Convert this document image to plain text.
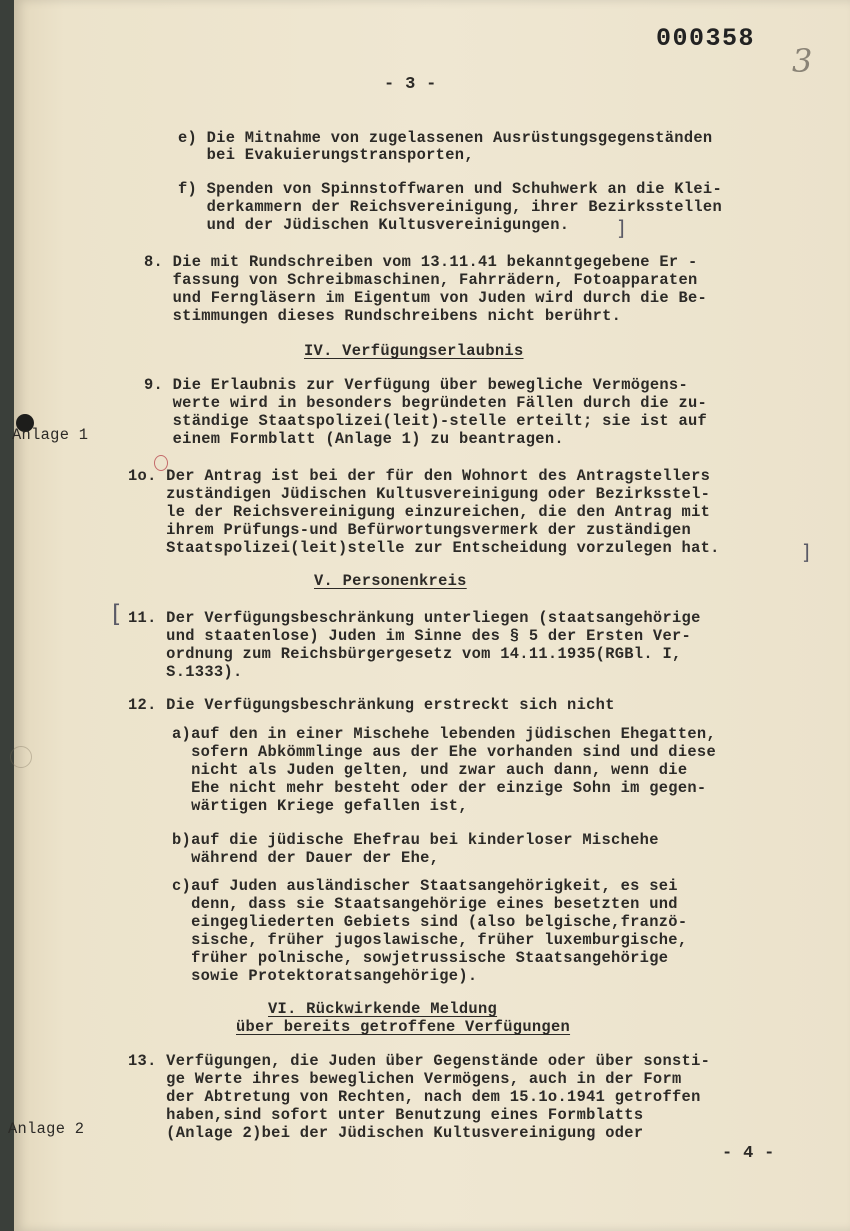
000358

3

- 3 -

e) Die Mitnahme von zugelassenen Ausrüstungsgegenständen

bei Evakuierungstransporten,

f) Spenden von Spinnstoffwaren und Schuhwerk an die Klei-

derkammern der Reichsvereinigung, ihrer Bezirksstellen

und der Jüdischen Kultusvereinigungen. ]

8. Die mit Rundschreiben vom 13.11.41 bekanntgegebene Er -

fassung von Schreibmaschinen, Fahrrädern, Fotoapparaten

und Ferngläsern im Eigentum von Juden wird durch die Be-

stimmungen dieses Rundschreibens nicht berührt.

IV. Verfügungserlaubnis

9. Die Erlaubnis zur Verfügung über bewegliche Vermögens-

werte wird in besonders begründeten Fällen durch die zu-

ständige Staatspolizei(leit)-stelle erteilt; sie ist auf

einem Formblatt (Anlage 1) zu beantragen.

Anlage 1

1o. Der Antrag ist bei der für den Wohnort des Antragstellers

zuständigen Jüdischen Kultusvereinigung oder Bezirksstel-

le der Reichsvereinigung einzureichen, die den Antrag mit

ihrem Prüfungs-und Befürwortungsvermerk der zuständigen

Staatspolizei(leit)stelle zur Entscheidung vorzulegen hat.	]

V. Personenkreis

[ 11. Der Verfügungsbeschränkung unterliegen (staatsangehörige

und staatenlose) Juden im Sinne des § 5 der Ersten Ver-

ordnung zum Reichsbürgergesetz vom 14.11.1935(RGBl. I,

S.1333).

12. Die Verfügungsbeschränkung erstreckt sich nicht

a)auf den in einer Mischehe lebenden jüdischen Ehegatten,

sofern Abkömmlinge aus der Ehe vorhanden sind und diese

nicht als Juden gelten, und zwar auch dann, wenn die

Ehe nicht mehr besteht oder der einzige Sohn im gegen-

wärtigen Kriege gefallen ist,

b)auf die jüdische Ehefrau bei kinderloser Mischehe

während der Dauer der Ehe,

c)auf Juden ausländischer Staatsangehörigkeit, es sei

denn, dass sie Staatsangehörige eines besetzten und

eingegliederten Gebiets sind (also belgische,franzö-

sische, früher jugoslawische, früher luxemburgische,

früher polnische, sowjetrussische Staatsangehörige

sowie Protektoratsangehörige).

VI. Rückwirkende Meldung

über bereits getroffene Verfügungen

13. Verfügungen, die Juden über Gegenstände oder über sonsti-

ge Werte ihres beweglichen Vermögens, auch in der Form

der Abtretung von Rechten, nach dem 15.1o.1941 getroffen

haben,sind sofort unter Benutzung eines Formblatts

(Anlage 2)bei der Jüdischen Kultusvereinigung oder

Anlage 2

- 4 -
